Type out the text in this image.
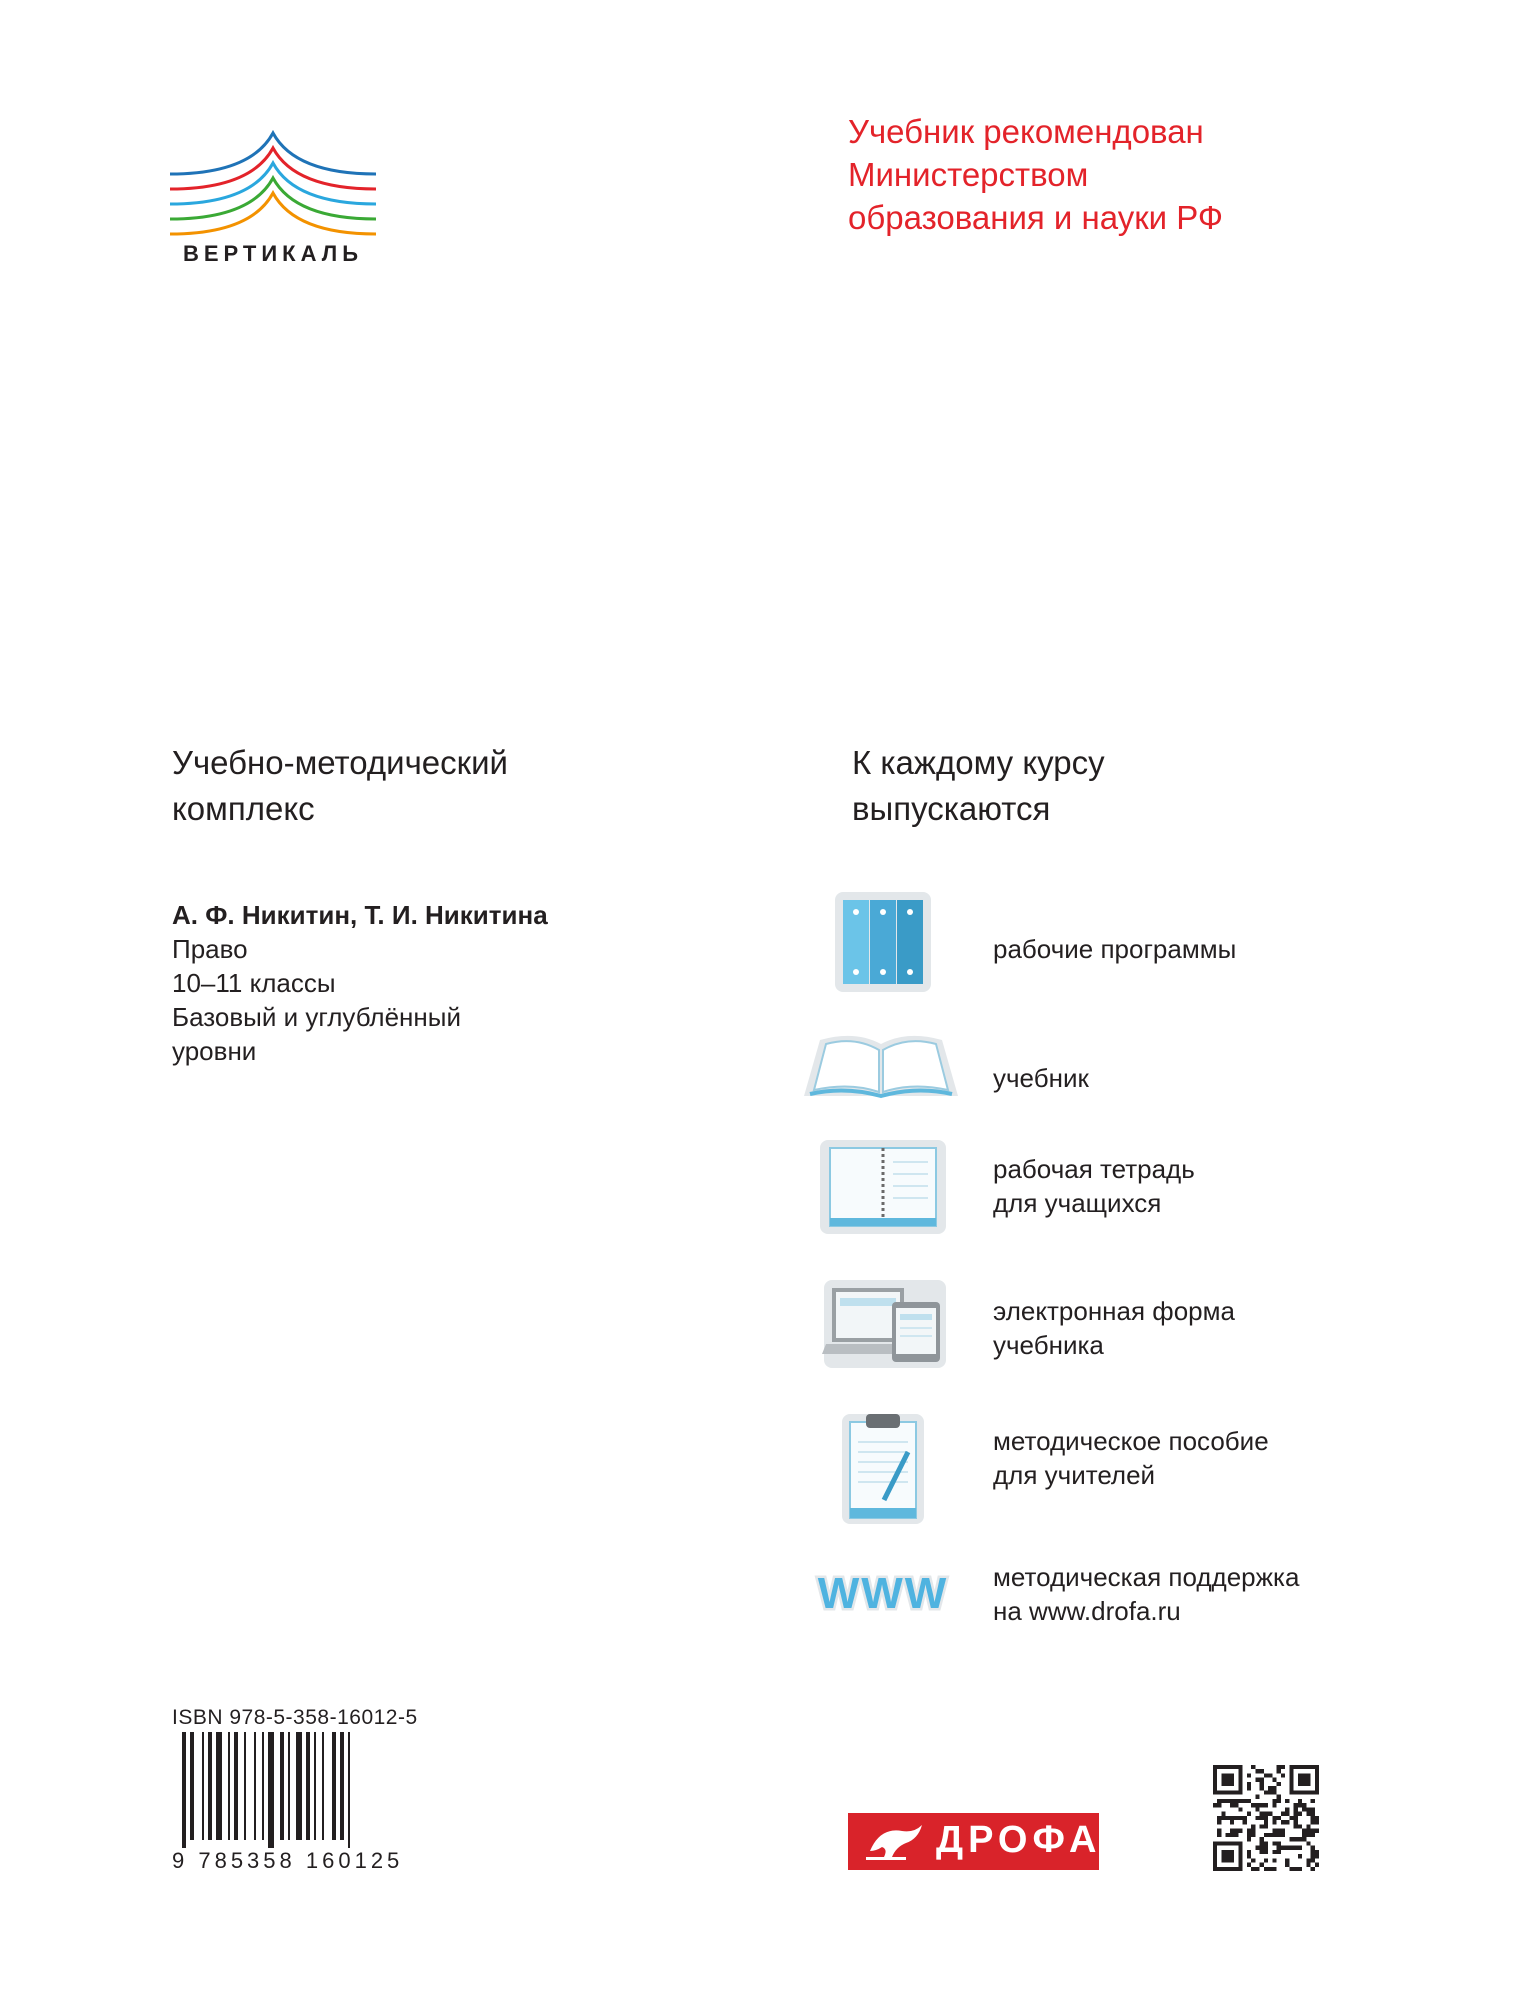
ВЕРТИКАЛЬ
Учебник рекомендован
Министерством
образования и науки РФ
Учебно-методический
комплекс
А. Ф. Никитин, Т. И. Никитина
Право
10–11 классы
Базовый и углублённый
уровни
К каждому курсу
выпускаются
рабочие программы
учебник
рабочая тетрадь
для учащихся
электронная форма
учебника
методическое пособие
для учителей
WWW методическая поддержка
на www.drofa.ru
ISBN 978-5-358-16012-5
9 785358 160125	ДРОФА
